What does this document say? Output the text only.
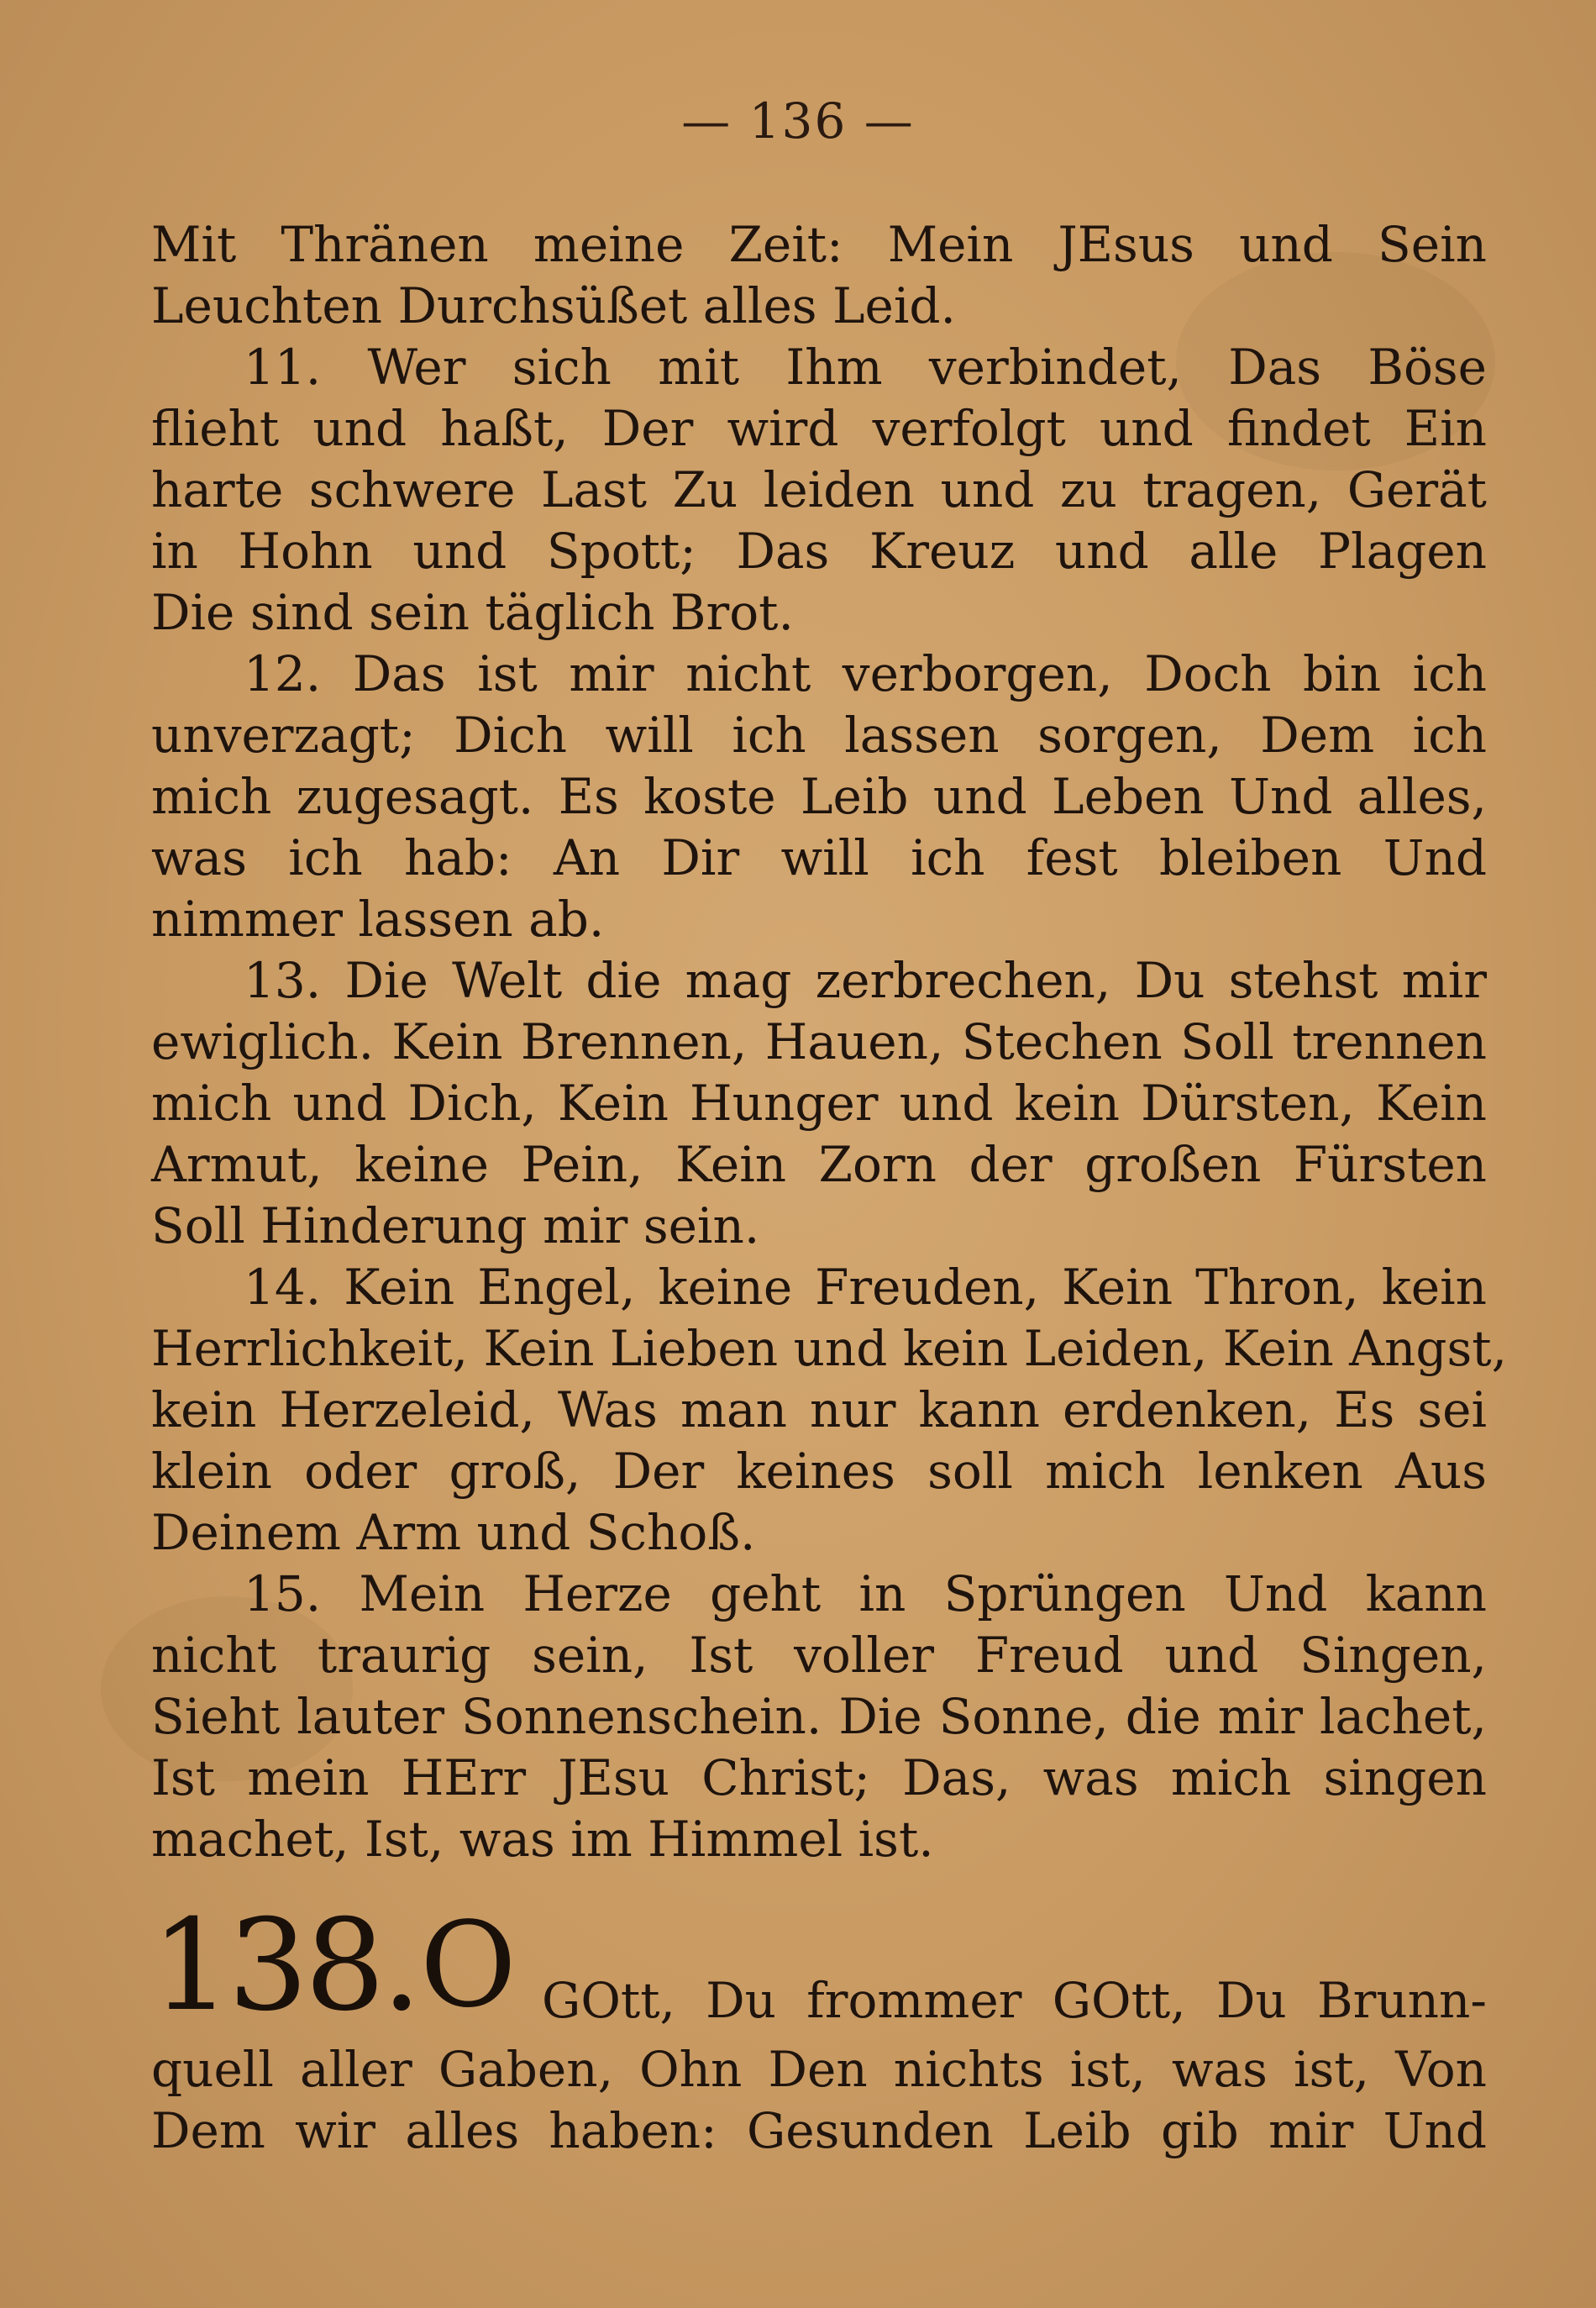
— 136 —
Mit Thränen meine Zeit: Mein JEsus und Sein
Leuchten Durchsüßet alles Leid.
11. Wer sich mit Ihm verbindet, Das Böse
flieht und haßt, Der wird verfolgt und findet Ein
harte schwere Last Zu leiden und zu tragen, Gerät
in Hohn und Spott; Das Kreuz und alle Plagen
Die sind sein täglich Brot.
12. Das ist mir nicht verborgen, Doch bin ich
unverzagt; Dich will ich lassen sorgen, Dem ich
mich zugesagt. Es koste Leib und Leben Und alles,
was ich hab: An Dir will ich fest bleiben Und
nimmer lassen ab.
13. Die Welt die mag zerbrechen, Du stehst mir
ewiglich. Kein Brennen, Hauen, Stechen Soll trennen
mich und Dich, Kein Hunger und kein Dürsten, Kein
Armut, keine Pein, Kein Zorn der großen Fürsten
Soll Hinderung mir sein.
14. Kein Engel, keine Freuden, Kein Thron, kein
Herrlichkeit, Kein Lieben und kein Leiden, Kein Angst,
kein Herzeleid, Was man nur kann erdenken, Es sei
klein oder groß, Der keines soll mich lenken Aus
Deinem Arm und Schoß.
15. Mein Herze geht in Sprüngen Und kann
nicht traurig sein, Ist voller Freud und Singen,
Sieht lauter Sonnenschein. Die Sonne, die mir lachet,
Ist mein HErr JEsu Christ; Das, was mich singen
machet, Ist, was im Himmel ist.
138. O GOtt, Du frommer GOtt, Du Brunn-
quell aller Gaben, Ohn Den nichts ist, was ist, Von
Dem wir alles haben: Gesunden Leib gib mir Und
